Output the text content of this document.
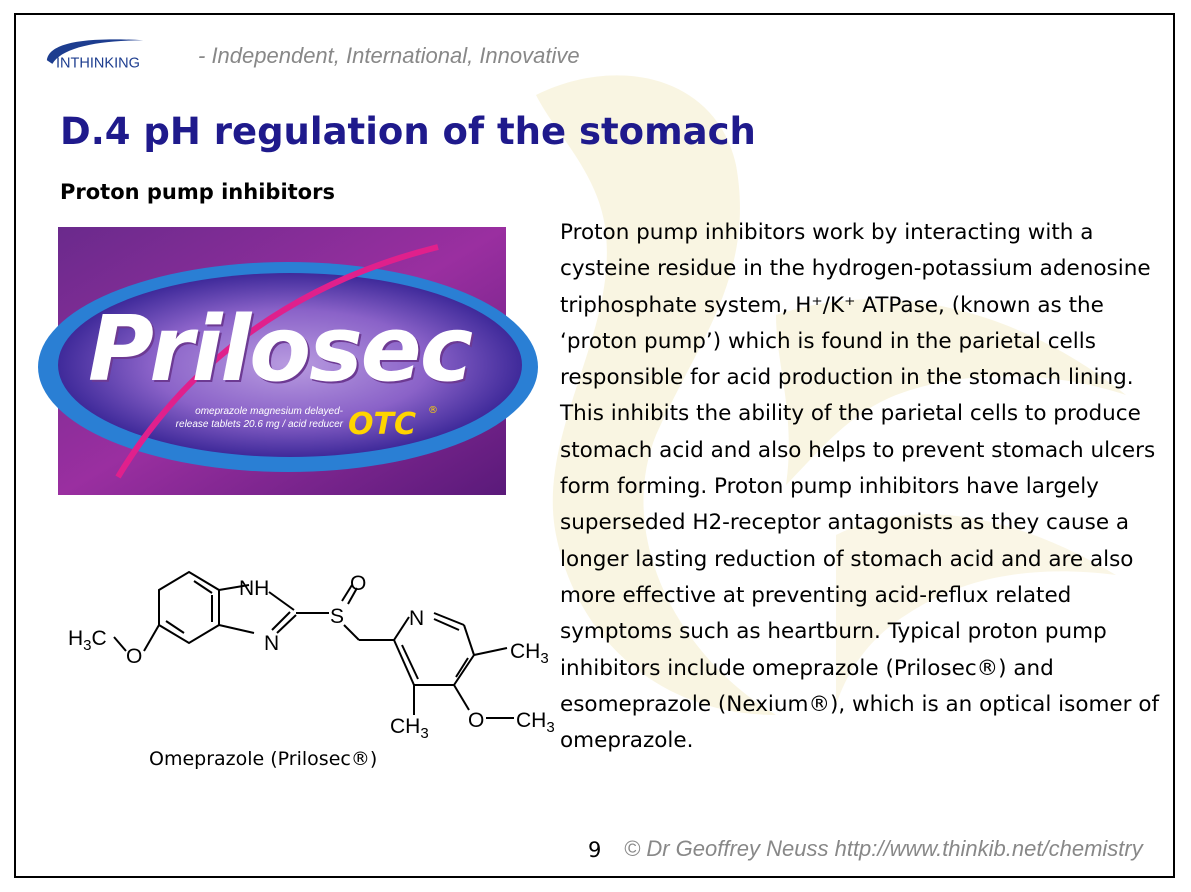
INTHINKING	- Independent, International, Innovative
D.4 pH regulation of the stomach
Proton pump inhibitors
Prilosec
omeprazole magnesium delayed-
release tablets 20.6 mg / acid reducer OTC ®
NH	O
S
N
N
$H_3C$
O	$CH_3$
$CH_3$
O $CH_3$
Omeprazole (Prilosec®)

Proton pump inhibitors work by interacting with a cysteine residue in the hydrogen-potassium adenosine triphosphate system, H⁺/K⁺ ATPase, (known as the ‘proton pump’) which is found in the parietal cells responsible for acid production in the stomach lining. This inhibits the ability of the parietal cells to produce stomach acid and also helps to prevent stomach ulcers form forming. Proton pump inhibitors have largely superseded H2-receptor antagonists as they cause a longer lasting reduction of stomach acid and are also more effective at preventing acid-reflux related symptoms such as heartburn. Typical proton pump inhibitors include omeprazole (Prilosec®) and esomeprazole (Nexium®), which is an optical isomer of omeprazole.

9 © Dr Geoffrey Neuss http://www.thinkib.net/chemistry
